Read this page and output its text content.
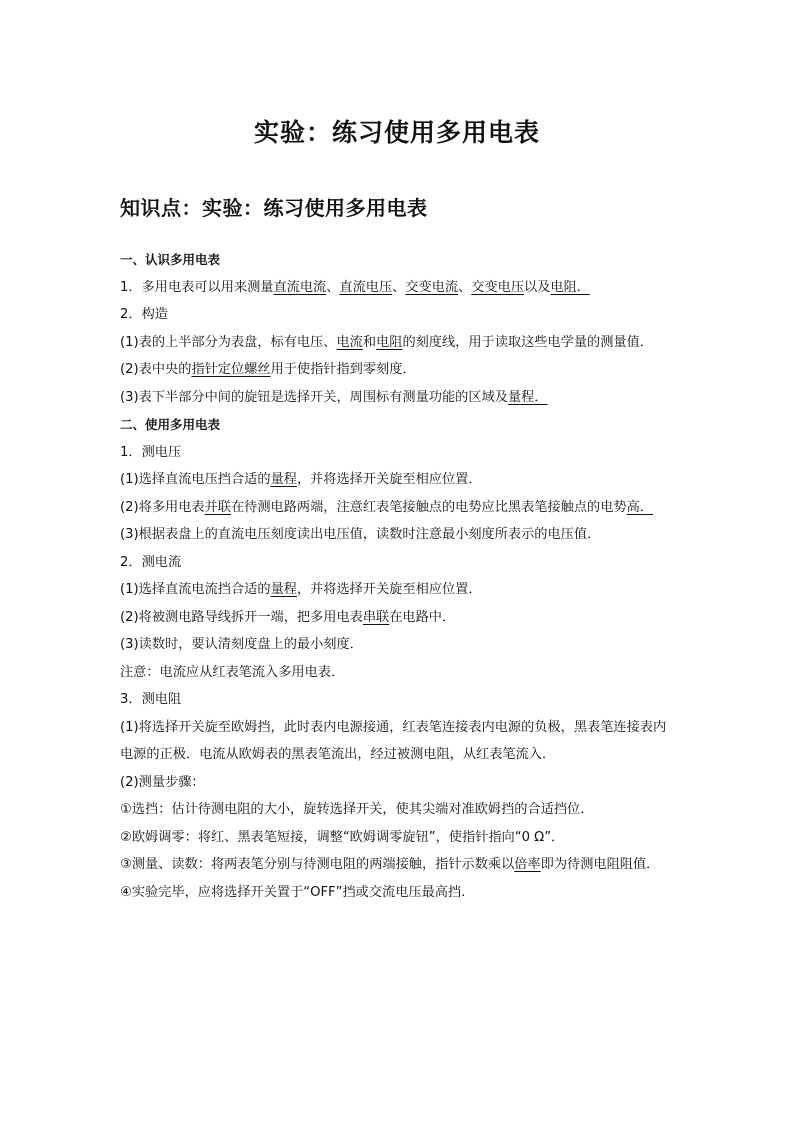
实验：练习使用多用电表
知识点：实验：练习使用多用电表
一、认识多用电表
1．多用电表可以用来测量直流电流、直流电压、交变电流、交变电压以及电阻．
2．构造
(1)表的上半部分为表盘，标有电压、电流和电阻的刻度线，用于读取这些电学量的测量值．
(2)表中央的指针定位螺丝用于使指针指到零刻度．
(3)表下半部分中间的旋钮是选择开关，周围标有测量功能的区域及量程．
二、使用多用电表
1．测电压
(1)选择直流电压挡合适的量程，并将选择开关旋至相应位置．
(2)将多用电表并联在待测电路两端，注意红表笔接触点的电势应比黑表笔接触点的电势高．
(3)根据表盘上的直流电压刻度读出电压值，读数时注意最小刻度所表示的电压值．
2．测电流
(1)选择直流电流挡合适的量程，并将选择开关旋至相应位置．
(2)将被测电路导线拆开一端，把多用电表串联在电路中．
(3)读数时，要认清刻度盘上的最小刻度．
注意：电流应从红表笔流入多用电表．
3．测电阻
(1)将选择开关旋至欧姆挡，此时表内电源接通，红表笔连接表内电源的负极，黑表笔连接表内电源的正极．电流从欧姆表的黑表笔流出，经过被测电阻，从红表笔流入．
(2)测量步骤：
①选挡：估计待测电阻的大小，旋转选择开关，使其尖端对准欧姆挡的合适挡位．
②欧姆调零：将红、黑表笔短接，调整“欧姆调零旋钮”，使指针指向“0 Ω”．
③测量、读数：将两表笔分别与待测电阻的两端接触，指针示数乘以倍率即为待测电阻阻值．
④实验完毕，应将选择开关置于“OFF”挡或交流电压最高挡.
